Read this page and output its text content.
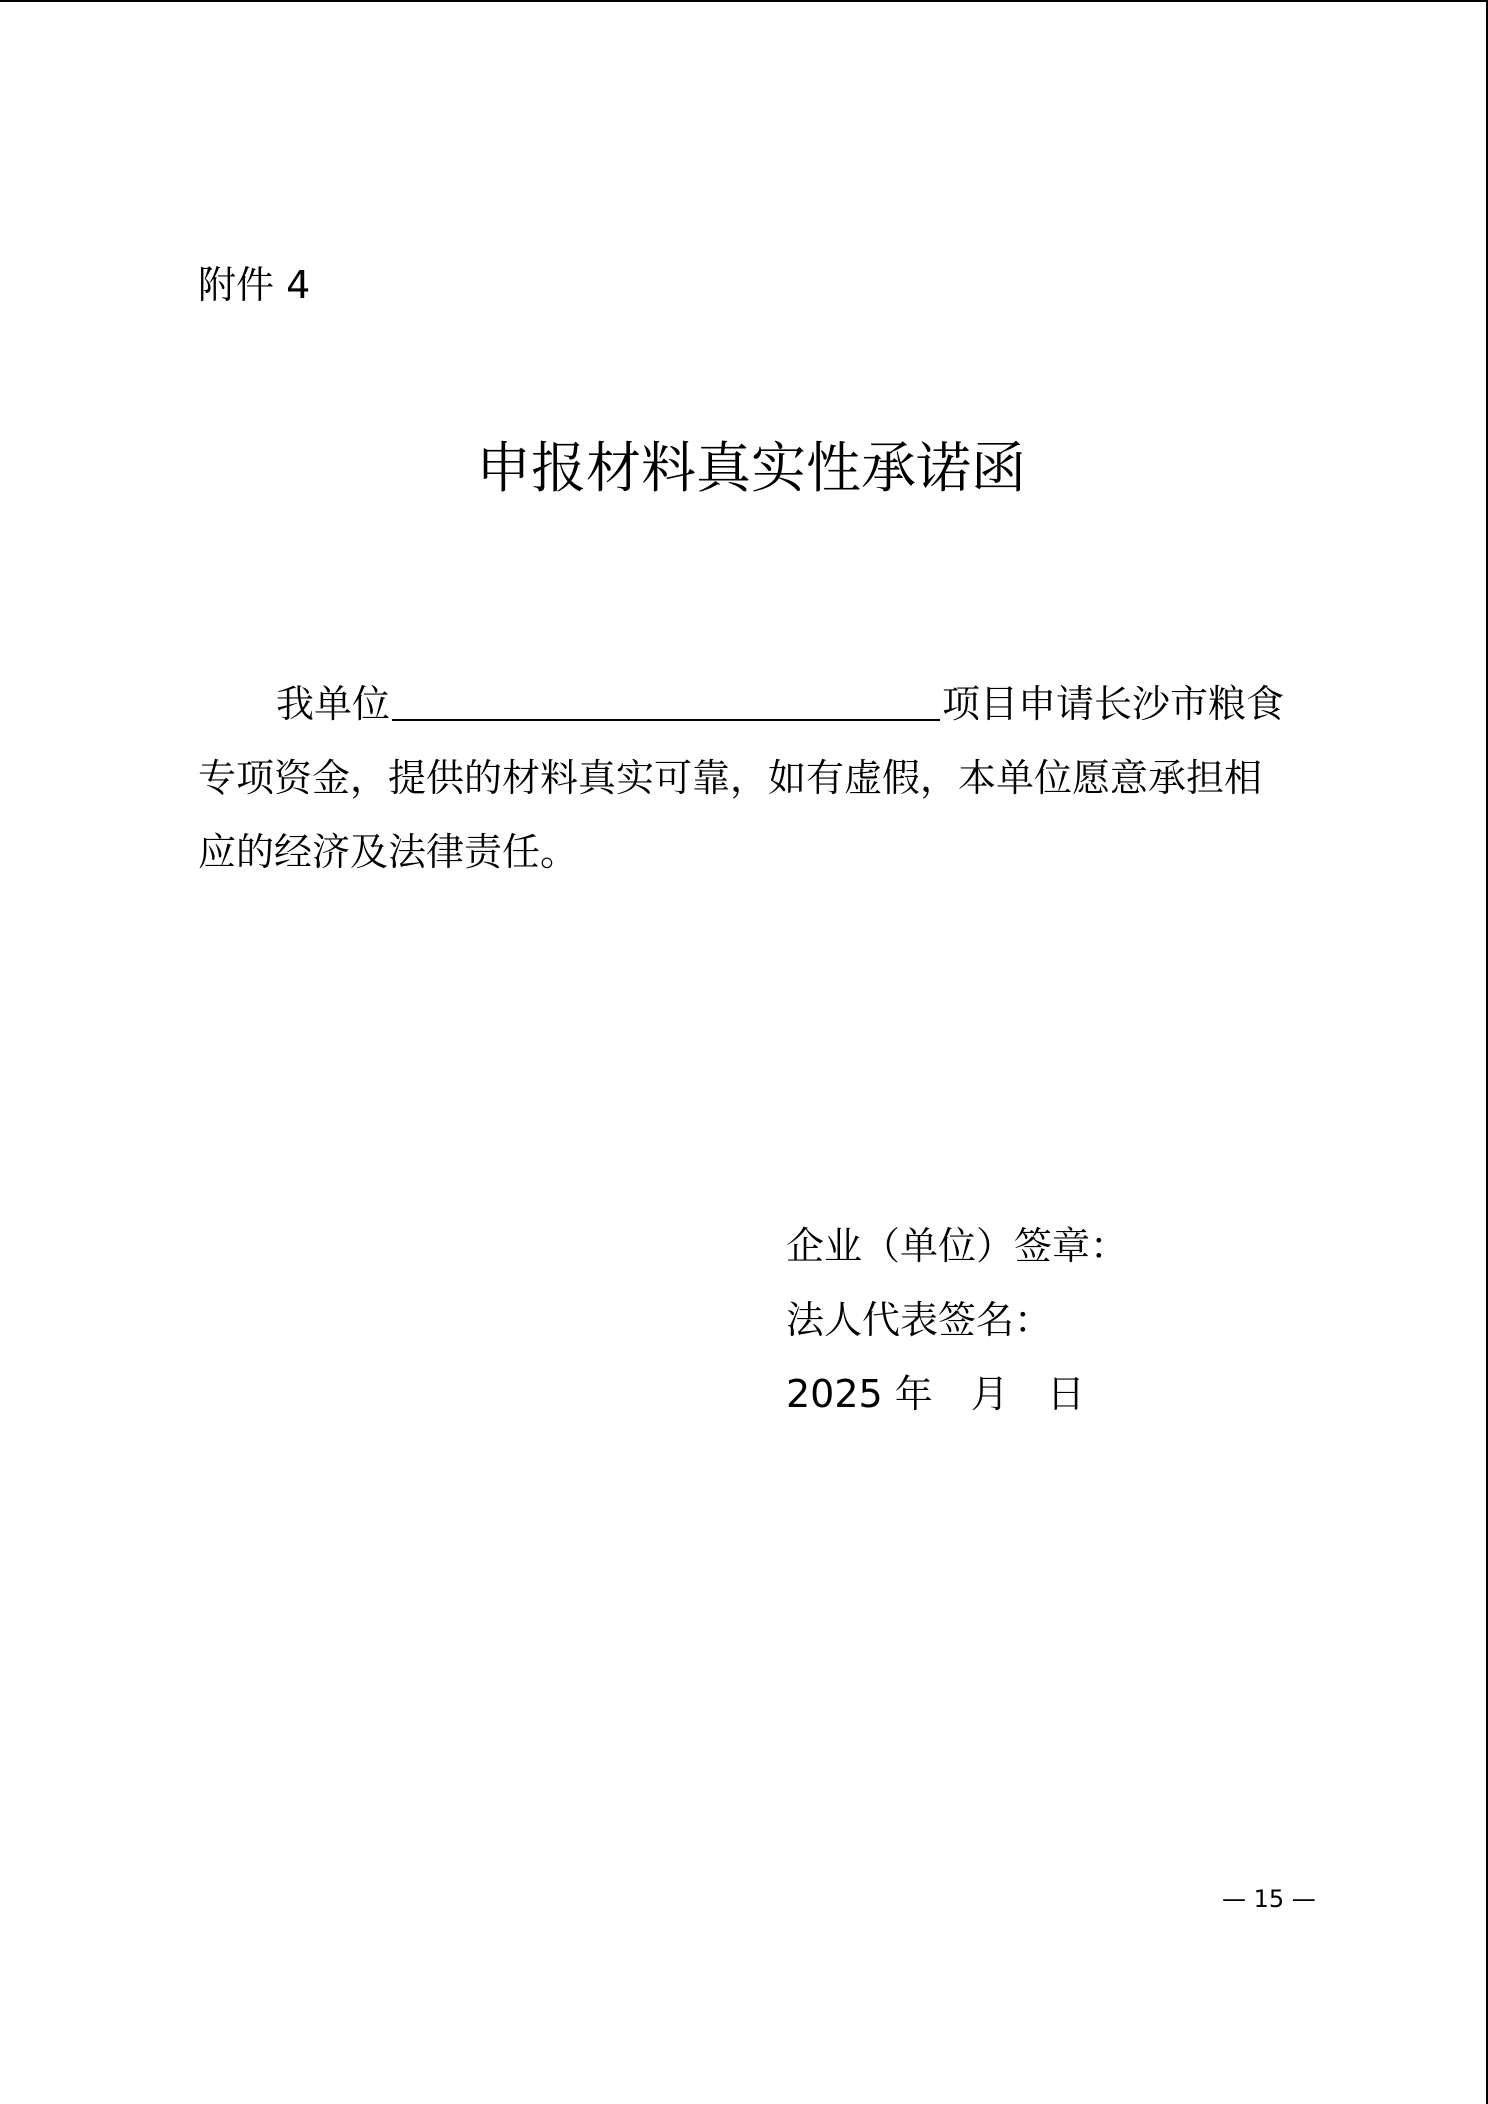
附件 4
申报材料真实性承诺函
我单位	项目申请长沙市粮食
专项资金，提供的材料真实可靠，如有虚假，本单位愿意承担相
应的经济及法律责任。
企业（单位）签章：
法人代表签名：
2025 年 月 日
— 15 —
